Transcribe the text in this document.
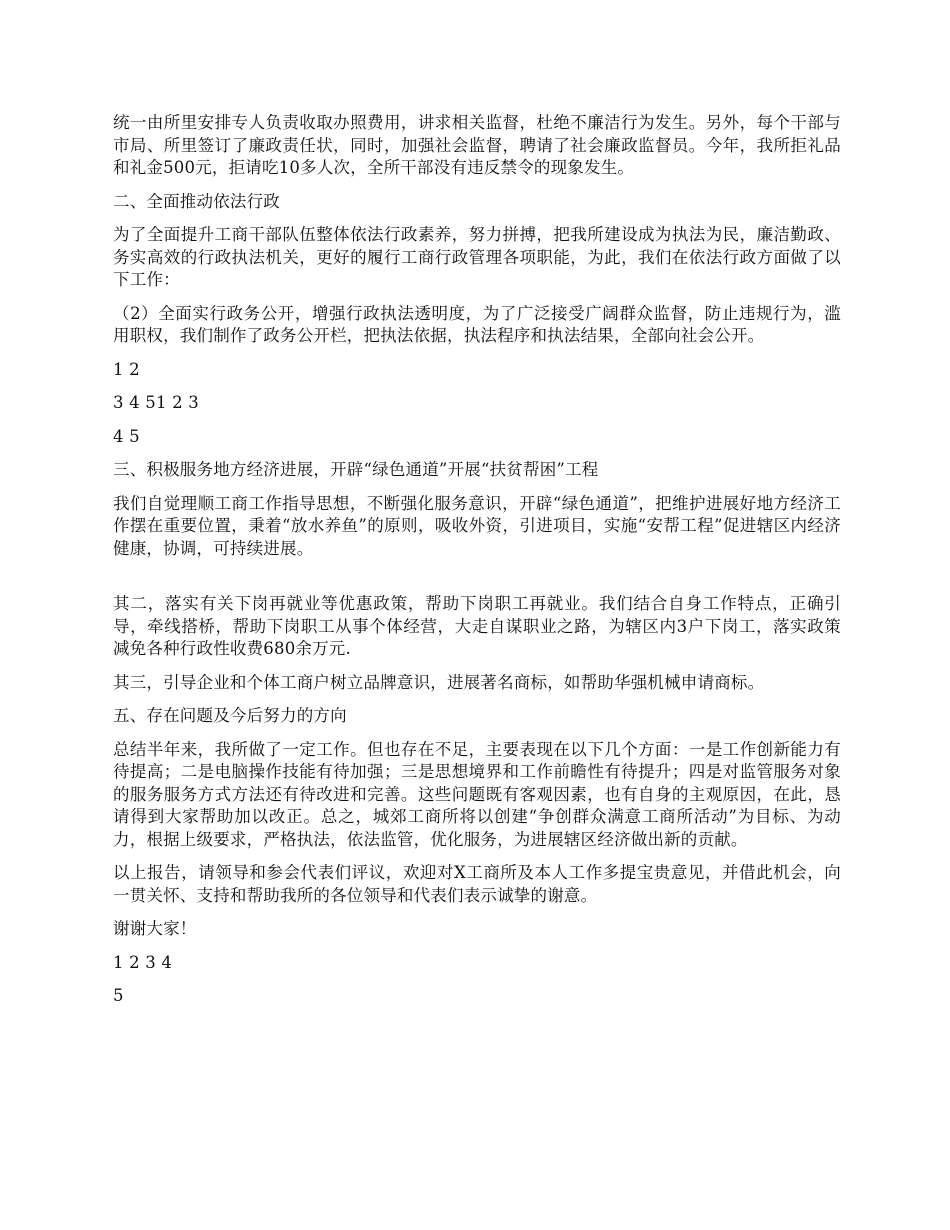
统一由所里安排专人负责收取办照费用，讲求相关监督，杜绝不廉洁行为发生。另外，每个干部与市局、所里签订了廉政责任状，同时，加强社会监督，聘请了社会廉政监督员。今年，我所拒礼品和礼金500元，拒请吃10多人次，全所干部没有违反禁令的现象发生。

二、全面推动依法行政

为了全面提升工商干部队伍整体依法行政素养，努力拼搏，把我所建设成为执法为民，廉洁勤政、务实高效的行政执法机关，更好的履行工商行政管理各项职能，为此，我们在依法行政方面做了以下工作：

（2）全面实行政务公开，增强行政执法透明度，为了广泛接受广阔群众监督，防止违规行为，滥用职权，我们制作了政务公开栏，把执法依据，执法程序和执法结果，全部向社会公开。

1 2

3 4 51 2 3

4 5

三、积极服务地方经济进展，开辟“绿色通道”开展“扶贫帮困”工程

我们自觉理顺工商工作指导思想，不断强化服务意识，开辟“绿色通道”，把维护进展好地方经济工作摆在重要位置，秉着“放水养鱼”的原则，吸收外资，引进项目，实施“安帮工程”促进辖区内经济健康，协调，可持续进展。

其二，落实有关下岗再就业等优惠政策，帮助下岗职工再就业。我们结合自身工作特点，正确引导，牵线搭桥，帮助下岗职工从事个体经营，大走自谋职业之路，为辖区内3户下岗工，落实政策减免各种行政性收费680余万元.

其三，引导企业和个体工商户树立品牌意识，进展著名商标，如帮助华强机械申请商标。

五、存在问题及今后努力的方向

总结半年来，我所做了一定工作。但也存在不足，主要表现在以下几个方面：一是工作创新能力有待提高；二是电脑操作技能有待加强；三是思想境界和工作前瞻性有待提升；四是对监管服务对象的服务服务方式方法还有待改进和完善。这些问题既有客观因素，也有自身的主观原因，在此，恳请得到大家帮助加以改正。总之，城郊工商所将以创建“争创群众满意工商所活动”为目标、为动力，根据上级要求，严格执法，依法监管，优化服务，为进展辖区经济做出新的贡献。

以上报告，请领导和参会代表们评议，欢迎对X工商所及本人工作多提宝贵意见，并借此机会，向一贯关怀、支持和帮助我所的各位领导和代表们表示诚挚的谢意。

谢谢大家！

1 2 3 4

5
